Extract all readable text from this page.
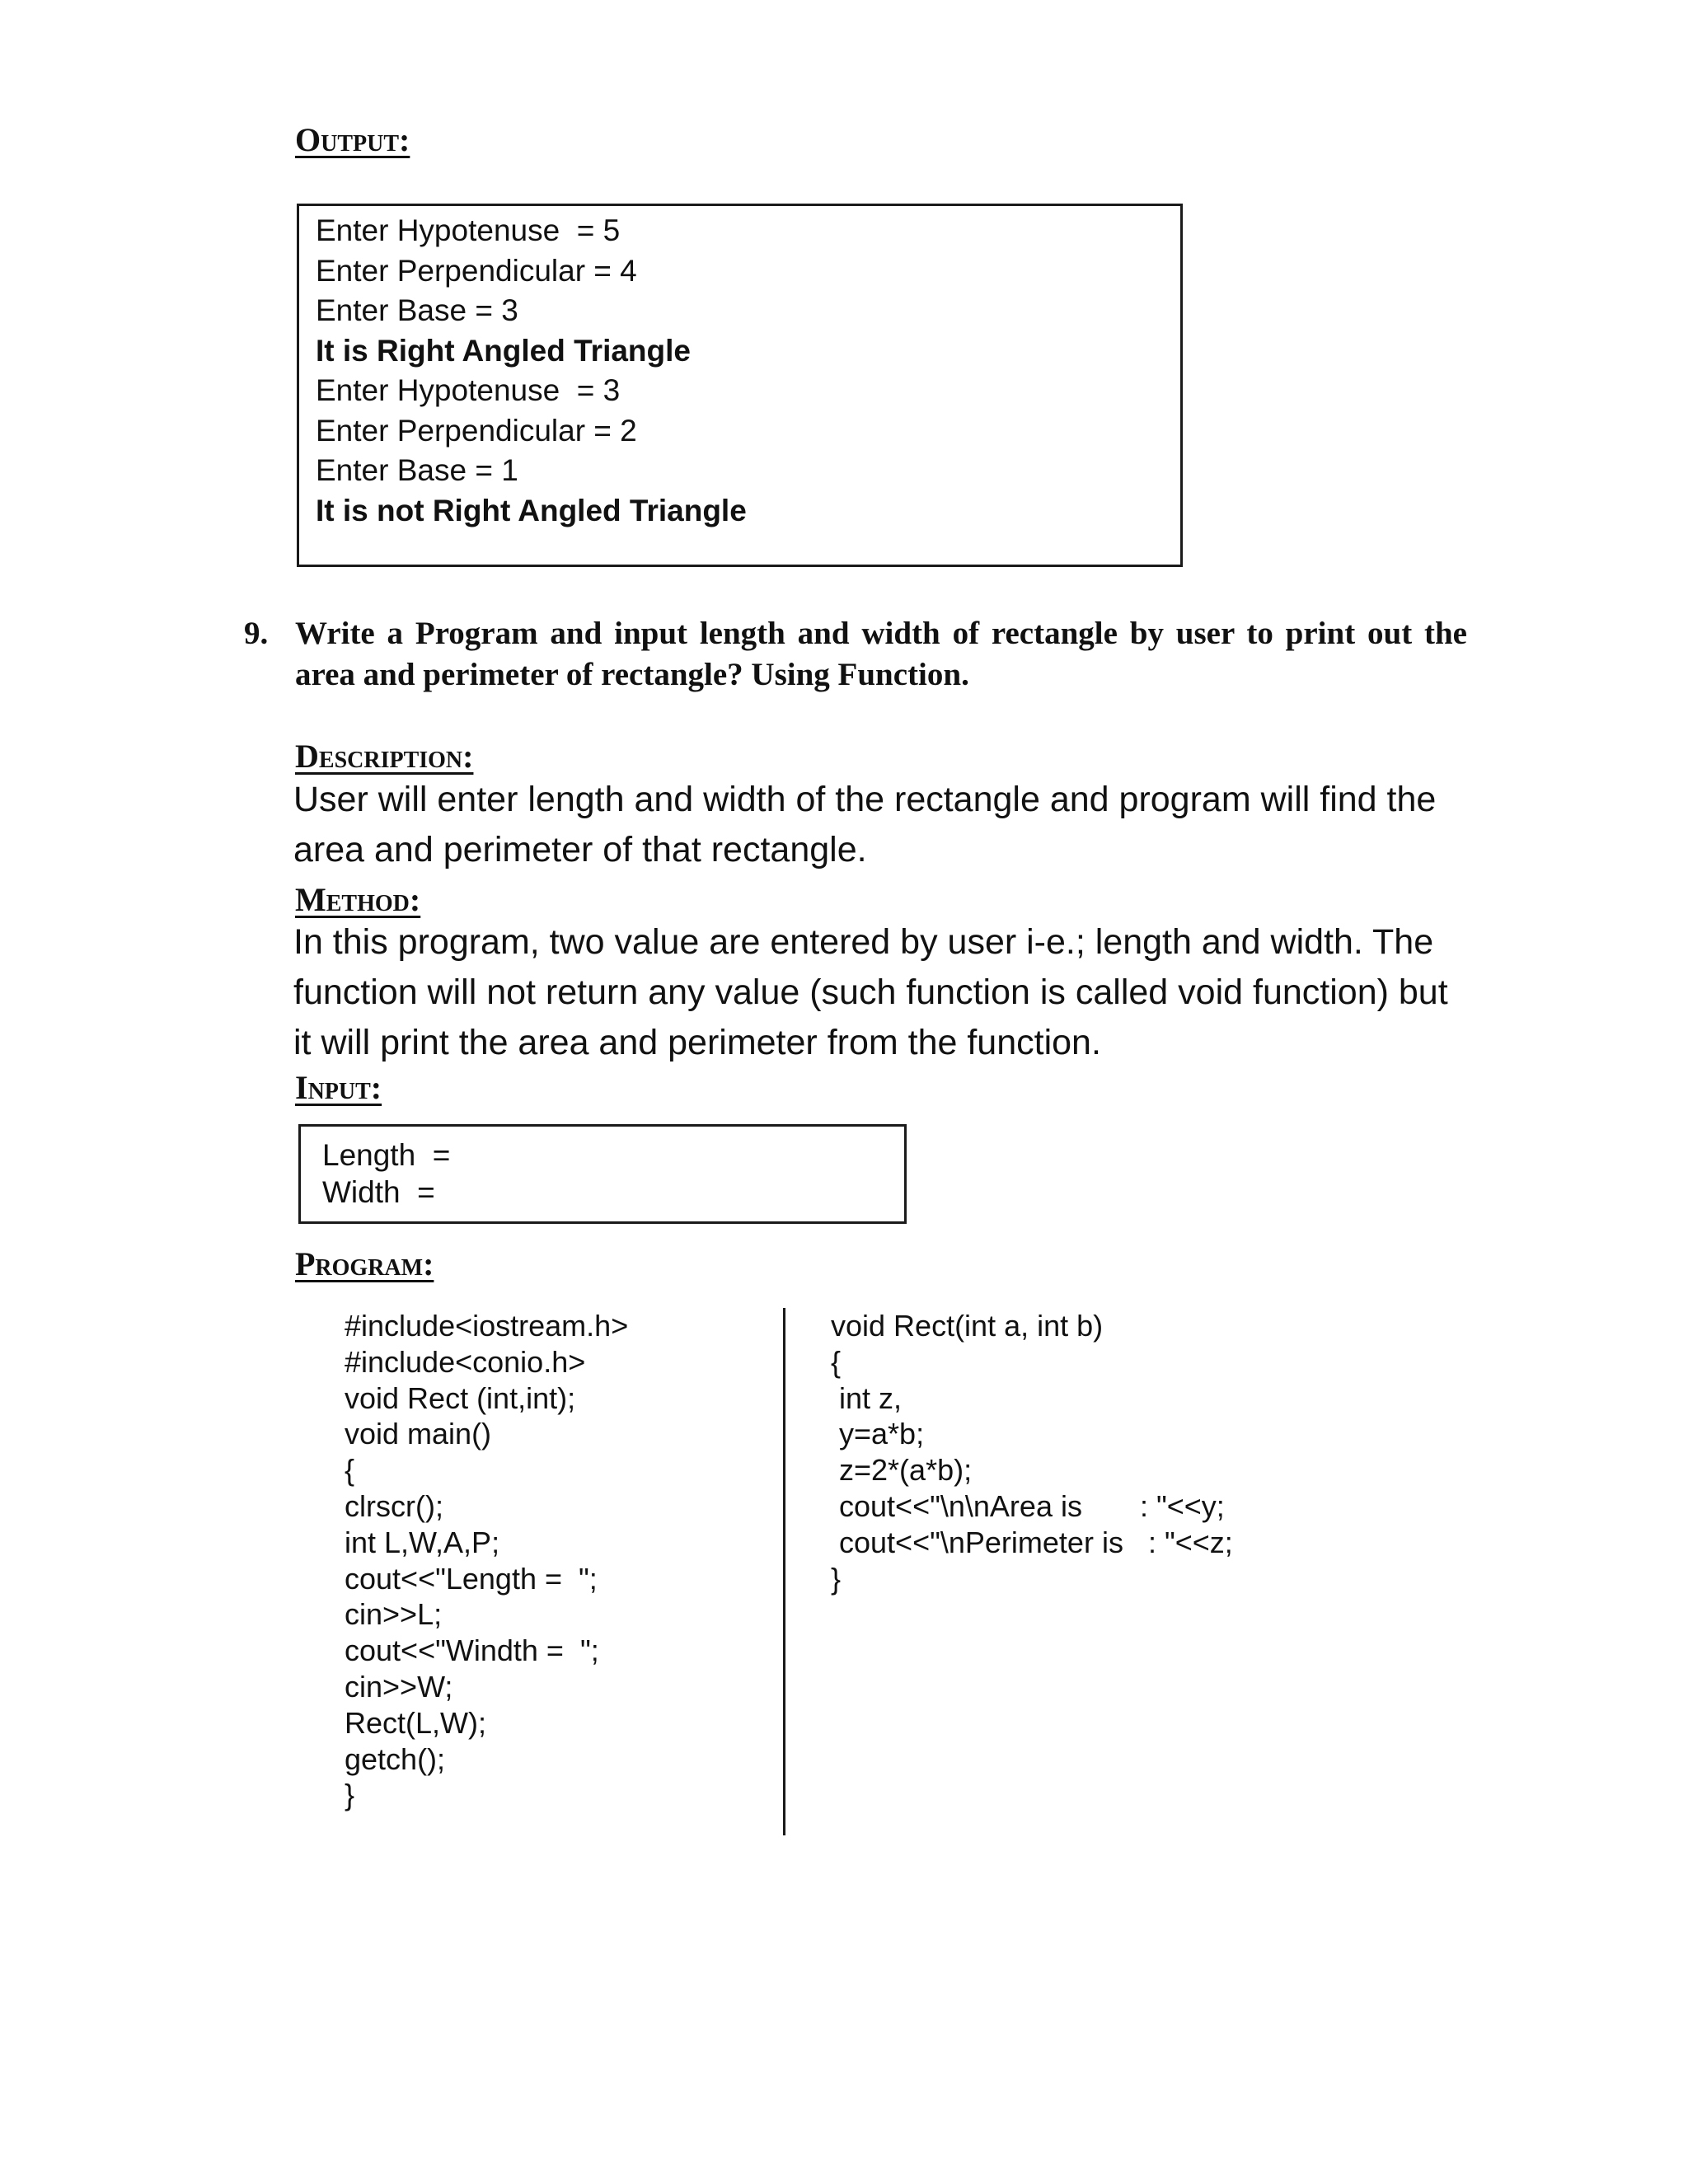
Output:
Enter Hypotenuse  = 5
Enter Perpendicular = 4
Enter Base = 3
It is Right Angled Triangle
Enter Hypotenuse  = 3
Enter Perpendicular = 2
Enter Base = 1
It is not Right Angled Triangle
9. Write a Program and input length and width of rectangle by user to print out the
area and perimeter of rectangle? Using Function.
Description:
User will enter length and width of the rectangle and program will find the
area and perimeter of that rectangle.
Method:
In this program, two value are entered by user i-e.; length and width. The
function will not return any value (such function is called void function) but
it will print the area and perimeter from the function.
Input:
Length  =
Width  =
Program:
#include<iostream.h>
#include<conio.h>
void Rect (int,int);
void main()
{
clrscr();
int L,W,A,P;
cout<<"Length =  ";
cin>>L;
cout<<"Windth =  ";
cin>>W;
Rect(L,W);
getch();
}
void Rect(int a, int b)
{
int z,
y=a*b;
z=2*(a*b);
cout<<"\n\nArea is       : "<<y;
cout<<"\nPerimeter is   : "<<z;
}
